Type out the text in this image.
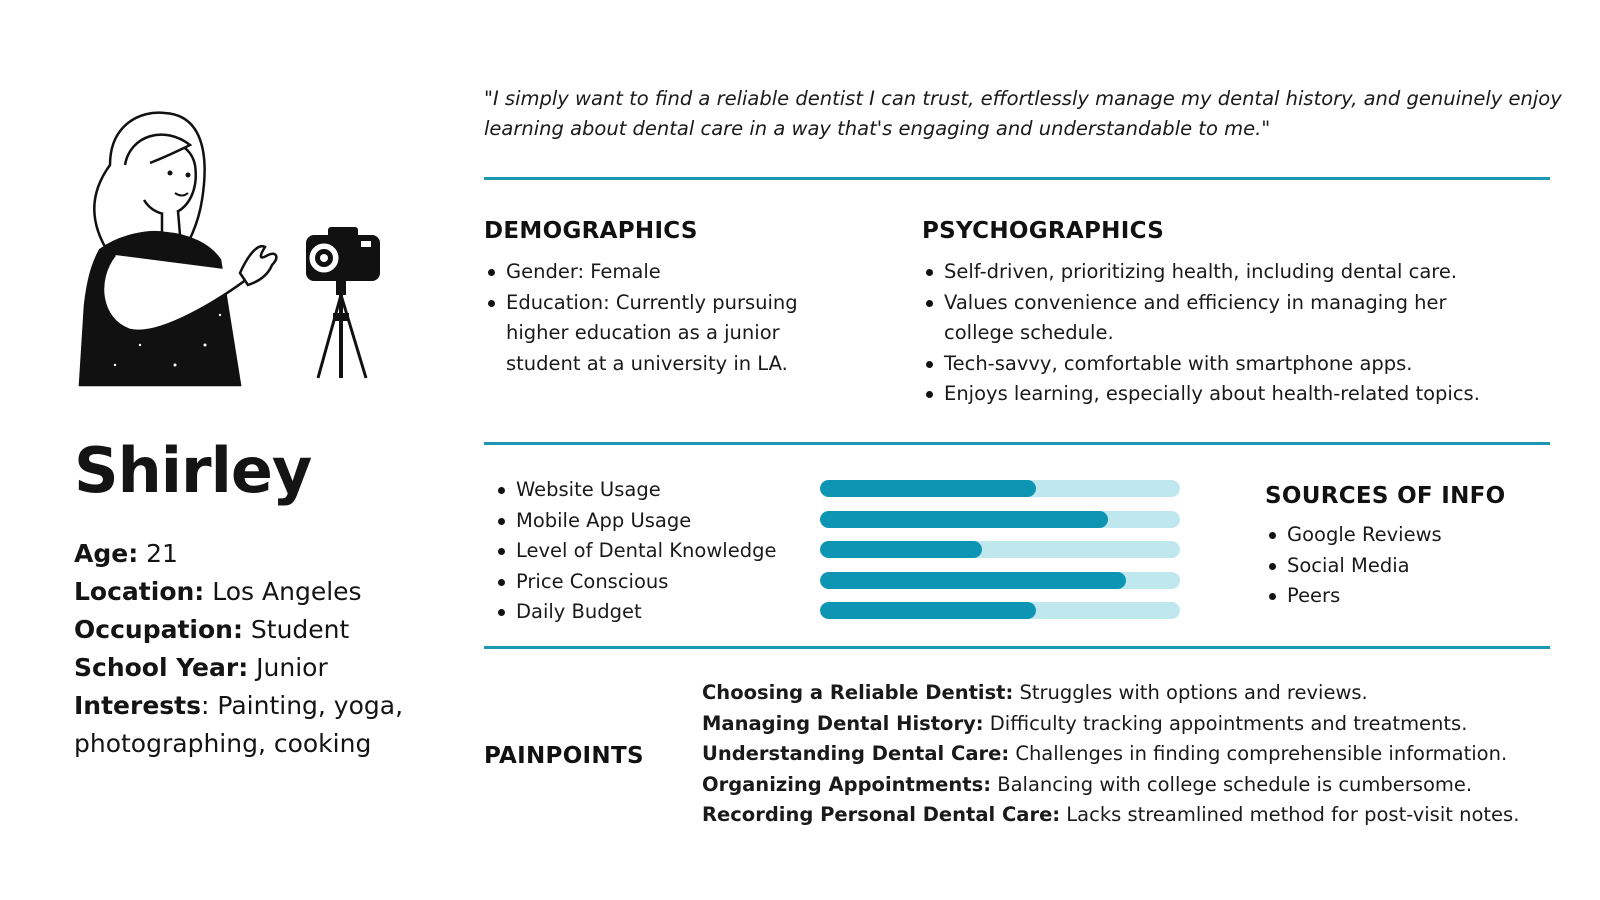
Shirley

Age: 21
Location: Los Angeles
Occupation: Student
School Year: Junior
Interests: Painting, yoga, photographing, cooking

"I simply want to find a reliable dentist I can trust, effortlessly manage my dental history, and genuinely enjoy learning about dental care in a way that's engaging and understandable to me."

DEMOGRAPHICS
Gender: Female
Education: Currently pursuing higher education as a junior student at a university in LA.
PSYCHOGRAPHICS
Self-driven, prioritizing health, including dental care.
Values convenience and efficiency in managing her college schedule.
Tech-savvy, comfortable with smartphone apps.
Enjoys learning, especially about health-related topics.
Website Usage
Mobile App Usage
Level of Dental Knowledge
Price Conscious
Daily Budget
SOURCES OF INFO
Google Reviews
Social Media
Peers
PAINPOINTS

Choosing a Reliable Dentist: Struggles with options and reviews.
Managing Dental History: Difficulty tracking appointments and treatments.
Understanding Dental Care: Challenges in finding comprehensible information.
Organizing Appointments: Balancing with college schedule is cumbersome.
Recording Personal Dental Care: Lacks streamlined method for post-visit notes.
